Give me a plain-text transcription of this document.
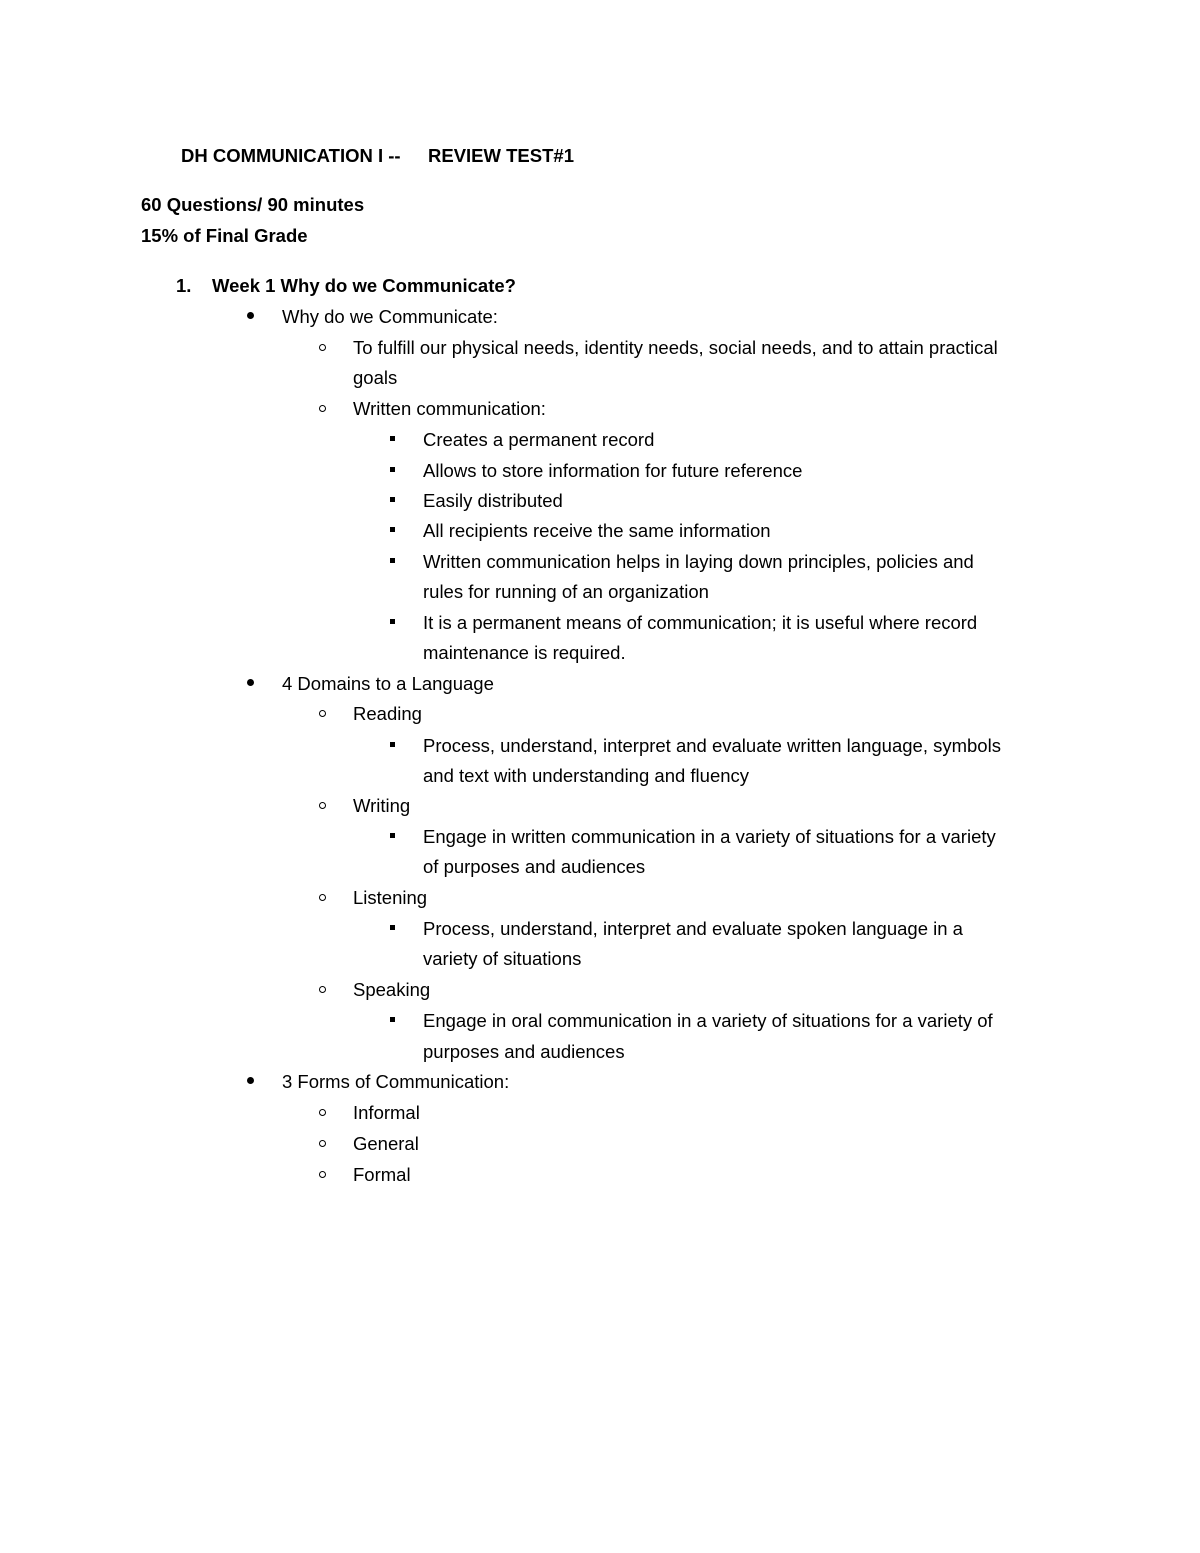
DH COMMUNICATION I -- REVIEW TEST#1
60 Questions/ 90 minutes
15% of Final Grade
1. Week 1 Why do we Communicate?
Why do we Communicate:
To fulfill our physical needs, identity needs, social needs, and to attain practical
goals
Written communication:
Creates a permanent record
Allows to store information for future reference
Easily distributed
All recipients receive the same information
Written communication helps in laying down principles, policies and
rules for running of an organization
It is a permanent means of communication; it is useful where record
maintenance is required.
4 Domains to a Language
Reading
Process, understand, interpret and evaluate written language, symbols
and text with understanding and fluency
Writing
Engage in written communication in a variety of situations for a variety
of purposes and audiences
Listening
Process, understand, interpret and evaluate spoken language in a
variety of situations
Speaking
Engage in oral communication in a variety of situations for a variety of
purposes and audiences
3 Forms of Communication:
Informal
General
Formal
